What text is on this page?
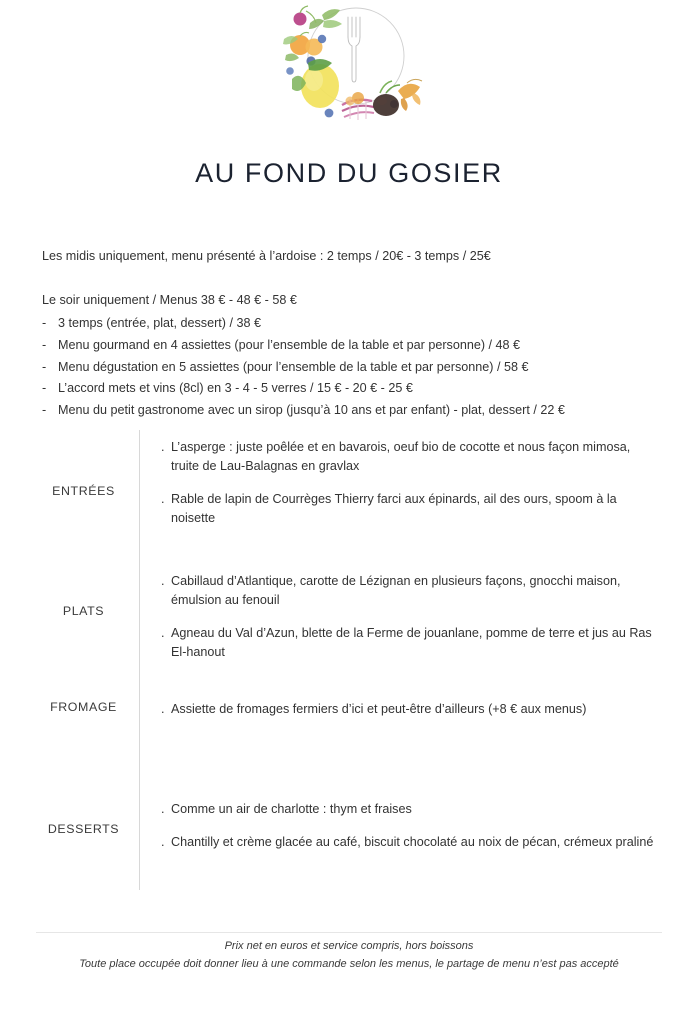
AU FOND DU GOSIER

Les midis uniquement, menu présenté à l’ardoise : 2 temps / 20€ - 3 temps / 25€

Le soir uniquement / Menus 38 € - 48 € - 58 €

- 3 temps (entrée, plat, dessert) / 38 €
- Menu gourmand en 4 assiettes (pour l’ensemble de la table et par personne) / 48 €
- Menu dégustation en 5 assiettes (pour l’ensemble de la table et par personne) / 58 €
- L’accord mets et vins (8cl) en 3 - 4 - 5 verres / 15 € - 20 € - 25 €
- Menu du petit gastronome avec un sirop (jusqu’à 10 ans et par enfant) - plat, dessert / 22 €
ENTRÉES

. L’asperge : juste poêlée et en bavarois, oeuf bio de cocotte et nous façon mimosa, truite de Lau-Balagnas en gravlax

. Rable de lapin de Courrèges Thierry farci aux épinards, ail des ours, spoom à la noisette

PLATS

. Cabillaud d’Atlantique, carotte de Lézignan en plusieurs façons, gnocchi maison, émulsion au fenouil

. Agneau du Val d’Azun, blette de la Ferme de jouanlane, pomme de terre et jus au Ras El-hanout

FROMAGE	. Assiette de fromages fermiers d’ici et peut-être d’ailleurs (+8 € aux menus)

DESSERTS

. Comme un air de charlotte : thym et fraises

. Chantilly et crème glacée au café, biscuit chocolaté au noix de pécan, crémeux praliné

Prix net en euros et service compris, hors boissons
Toute place occupée doit donner lieu à une commande selon les menus, le partage de menu n’est pas accepté
